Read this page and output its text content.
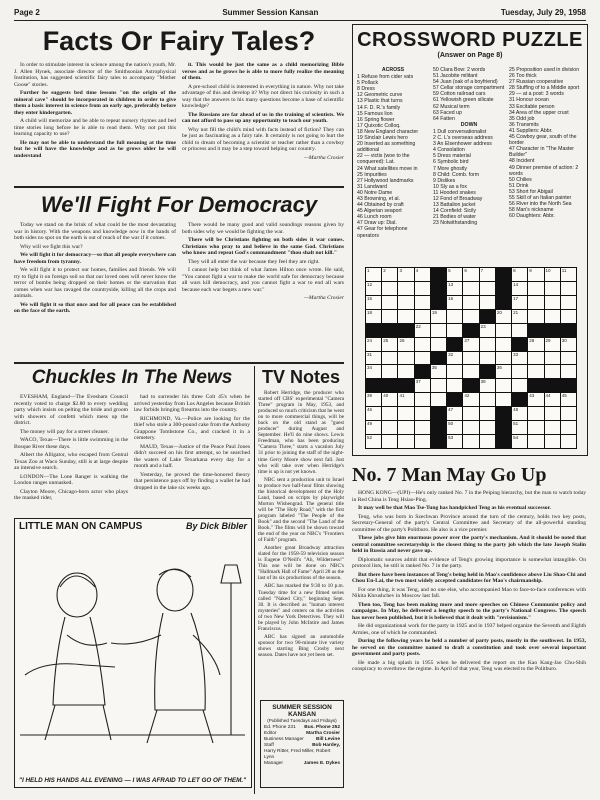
Page 2	Summer Session Kansan	Tuesday, July 29, 1958
Facts Or Fairy Tales?

In order to stimulate interest in science among the nation's youth, Mr. J. Allen Hynek, associate director of the Smithsonian Astrophysical Institution, has suggested scientific fairy tales to accompany "Mother Goose" stories.

Further he suggests bed time lessons "on the origin of the mineral cave" should be incorporated in children in order to give them a basic interest in science from an early age, preferably before they enter kindergarten.

A child will memorize and be able to repeat nursery rhymes and bed time stories long before he is able to read them. Why not put this learning capacity to use?

He may not be able to understand the full meaning at the time but he will have the knowledge and as he grows older he will understand

it. This would be just the same as a child memorizing Bible verses and as he grows he is able to more fully realize the meaning of them.

A pre-school child is interested in everything in nature. Why not take advantage of this and develop it? Why not direct his curiosity in such a way that the answers to his many questions become a base of scientific knowledge?

The Russians are far ahead of us in the training of scientists. We can not afford to pass up any opportunity to teach our youth.

Why not fill the child's mind with facts instead of fiction? They can be just as fascinating as a fairy tale. It certainly is not going to hurt the child to dream of becoming a scientist or teacher rather than a cowboy or princess and it may be a step toward helping our country.

—Martha Crosier
We'll Fight For Democracy

Today we stand on the brink of what could be the most devastating war in history. With the weapons and knowledge now in the hands of both sides no spot on the earth is out of reach of the war if it comes.

Why will we fight this war?

We will fight it for democracy—so that all people everywhere can have freedom from tyranny.

We will fight it to protect our homes, families and friends. We will try to fight it on foreign soil so that our loved ones will never know the terror of bombs being dropped on their homes or the starvation that comes when war has ravaged the countryside, killing all the crops and animals.

We will fight it so that once and for all peace can be established on the face of the earth.

There would be many good and valid soundings reasons given by both sides why we would be fighting the war.

There will be Christians fighting on both sides it war comes. Christians who pray to and believe in the same God. Christians who know and repeat God's commandment "thou shalt not kill."

They will all enter the war because they feel they are right.

I cannot help but think of what James Hilton once wrote. He said, "You cannot fight a war to make the world safe for democracy because all wars kill democracy, and you cannot fight a war to end all wars because each war begets a new war."

—Martha Crosier
Chuckles In The News

EVESHAM, England—The Evesham Council recently voted to charge $2.80 to every wedding party which insists on pelting the bride and groom with showers of confetti which mess up the district.

The money will pay for a street cleaner.

WACO, Texas—There is little swimming in the Bosque River these days.

Albert the Alligator, who escaped from Central Texas Zoo at Waco Sunday, still is at large despite an intensive search.

LONDON—The Lone Ranger is walking the London ranges unmasked.

Clayton Moore, Chicago-born actor who plays the masked rider,

had to surrender his three Colt 45's when he arrived yesterday from Los Angeles because British law forbids bringing firearms into the country.

RICHMOND, Va.—Police are looking for the thief who stole a 300-pound cake from the Anthony Grappone Tombstone Co., and cracked it in a cemetery.

MAUD, Texas—Justice of the Peace Paul Jones didn't succeed on his first attempt, so he searched the waters of Lake Texarkana every day for a month and a half.

Yesterday, he proved the time-honored theory that persistence pays off by finding a wallet he had dropped in the lake six weeks ago.

TV Notes

Robert Herridge, the producer who started off CBS' experimental "Camera Three" program in May, 1953, and produced so much criticism that he went on to more commercial things, will be back on the old stand as "guest producer" during August and September. He'll do nine shows. Lewis Freedman, who has been producing "Camera Three," starts a vacation July 31 prior to joining the staff of the night-time Gerry Moore show next fall. Just who will take over when Herridge's time is up is not yet known.

NBC sent a production unit to Israel to produce two half-hour films showing the historical development of the Holy Land, based on scripts by playwright Morton Wishengrad. The general title will be "The Holy Road," with the first program labeled "The People of the Book" and the second "The Land of the Book." The films will be shown toward the end of the year on NBC's "Frontiers of Faith" program.

Another great Broadway attraction slated for the 1958-59 television season is Eugene O'Neill's "Ah, Wilderness!" This one will be done on NBC's "Hallmark Hall of Fame" April 28 as the last of its six productions of the season.

ABC has marked the 9:30 to 10 p.m. Tuesday time for a new filmed series called "Naked City," beginning Sept. 30. It is described as "human interest mysteries" and centers on the activities of two New York Detectives. They will be played by John McIntire and James Franciscus.

ABC has signed an automobile sponsor for two 90-minute live variety shows starring Bing Crosby next season. Dates have not yet been set.

LITTLE MAN ON CAMPUS	By Dick Bibler
"I HELD HIS HANDS ALL EVENING — I WAS AFRAID TO LET GO OF THEM."
SUMMER SESSION KANSAN
(Published Tuesdays and Fridays)
Ed. Phone 231 Bus. Phone 252
Editor	Martha Crosier
Business Manager	Bill Levine
Staff	Bob Hardey,
Harry Ritter, Fred Miller, Robert Lynn
Manager	James E. Dykes
CROSSWORD PUZZLE
(Answer on Page 8)
ACROSS
1 Refuse from cider vats
5 Pollack
8 Dress
12 Geometric curve
13 Plastic that turns
14 F. D. R.'s family
15 Famous lion
16 Spring flower
17 Quixotic Colloq.
18 New England character
19 Sinclair Lewis hero
20 Inserted as something additional
22 — victis (woe to the conquered): Lat.
24 What satellites move in
25 Impurities
27 Hollywood landmarks
31 Landward
40 Notre Dame
43 Browning, et al.
44 Obtained by craft
45 Algerian seaport
46 Lunch room
47 Draw up: Dial.
47 Gear for telephone operators
50 Clara Bow: 2 words
51 Jacobite militant
54 Juan (oak of a boyfriend)
57 Cellar storage compartment
59 Cotton railroad cars
61 Yellowish green silicate
62 Musical term
63 Faced up
64 Fatten
DOWN
1 Dull conversationalist
2 C. L's overseas address
3 An Elsenhower address
4 Consolation
5 Dress material
6 Symbolic bird
7 More ghostly
8 Child: Comb. form
9 Dislikes
10 Sly as a fox
11 Hooded snakes
12 Fond of Broadway
13 Battalion jacket
14 Cornfield: Sicily
21 Bodies of water
23 Notwithstanding
25 Proposition used in division
26 Too thick
27 Russian cooperative
28 Stuffing of to a Middle sport
29 — at a post: 3 words
31 Honour ocean
33 Excitable person
34 Area of the upper crust
35 Odd job
36 Transmits
41 Suppliers: Abbr.
45 Cowboy gear, south of the border
47 Character in "The Master Builder"
48 Incident
49 Dinner premise of action: 2 words
50 Chilies
51 Drink
53 Short for Abigail
55 Skill of an Italian painter
56 River into the North Sea
58 Man's nickname
60 Daughters: Abbr.
1	2	3	4	5	6	7	8	9	10 11
12	13	14
15	16	17
18	19	20 21
22	23
24 25 26	27	28 29 30
31	32	33
34	35	36
37	38
39 40 41	42	43 44 45
46	47	48
49	50	51
52	53	54
No. 7 Man May Go Up

HONG KONG—(UPI)—He's only ranked No. 7 in the Peiping hierarchy, but the man to watch today in Red China is Teng Hsiao-Ping.

It may well be that Mao Tse-Tung has handpicked Teng as his eventual successor.

Teng, who was born in Szechwan Province around the turn of the century, holds two key posts, Secretary-General of the party's Central Committee and Secretary of the all-powerful standing committee of the party's Politburo. He also is a vice premier.

These jobs give him enormous power over the party's mechanism. And it should be noted that central committee secretaryship is the closest thing to the party job which the late Joseph Stalin held in Russia and never gave up.

Diplomatic sources admit that evidence of Teng's growing importance is somewhat intangible. On protocol lists, he still is ranked No. 7 in the party.

But there have been instances of Teng's being held in Mao's confidence above Liu Shao-Chi and Chou En-Lai, the two most widely accepted candidates for Mao's chairmanship.

For one thing, it was Teng, and no one else, who accompanied Mao to face-to-face conferences with Nikita Khrushchev in Moscow last fall.

Then too, Teng has been making more and more speeches on Chinese Communist policy and campaigns. In May, he delivered a lengthy speech to the party's National Congress. The speech has never been published, but it is believed that it dealt with "revisionism."

He did organizational work for the party in 1925 and in 1937 helped organize the Seventh and Eighth Armies, one of which he commanded.

During the following years he held a number of party posts, mostly in the southwest. In 1953, he served on the committee named to draft a constitution and took over several important government and party posts.

He made a big splash in 1955 when he delivered the report on the Kao Kang-Jao Chu-Shih conspiracy to overthrow the regime. In April of that year, Teng was elected to the Politburo.
